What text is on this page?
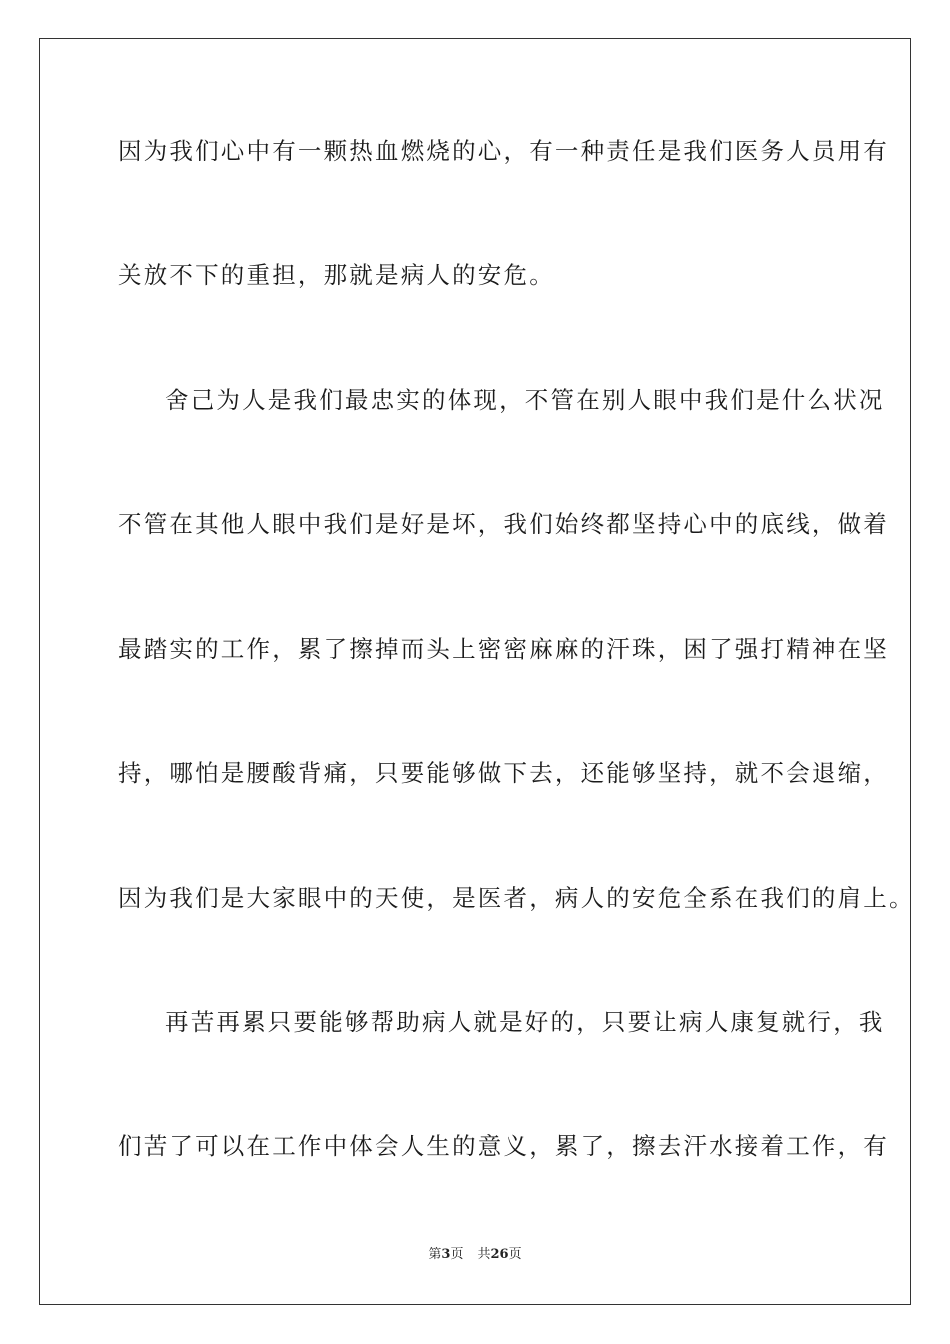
因为我们心中有一颗热血燃烧的心，有一种责任是我们医务人员用有
关放不下的重担，那就是病人的安危。
舍己为人是我们最忠实的体现，不管在别人眼中我们是什么状况
不管在其他人眼中我们是好是坏，我们始终都坚持心中的底线，做着
最踏实的工作，累了擦掉而头上密密麻麻的汗珠，困了强打精神在坚
持，哪怕是腰酸背痛，只要能够做下去，还能够坚持，就不会退缩，
因为我们是大家眼中的天使，是医者，病人的安危全系在我们的肩上。
再苦再累只要能够帮助病人就是好的，只要让病人康复就行，我
们苦了可以在工作中体会人生的意义，累了，擦去汗水接着工作，有
第3页 共26页
